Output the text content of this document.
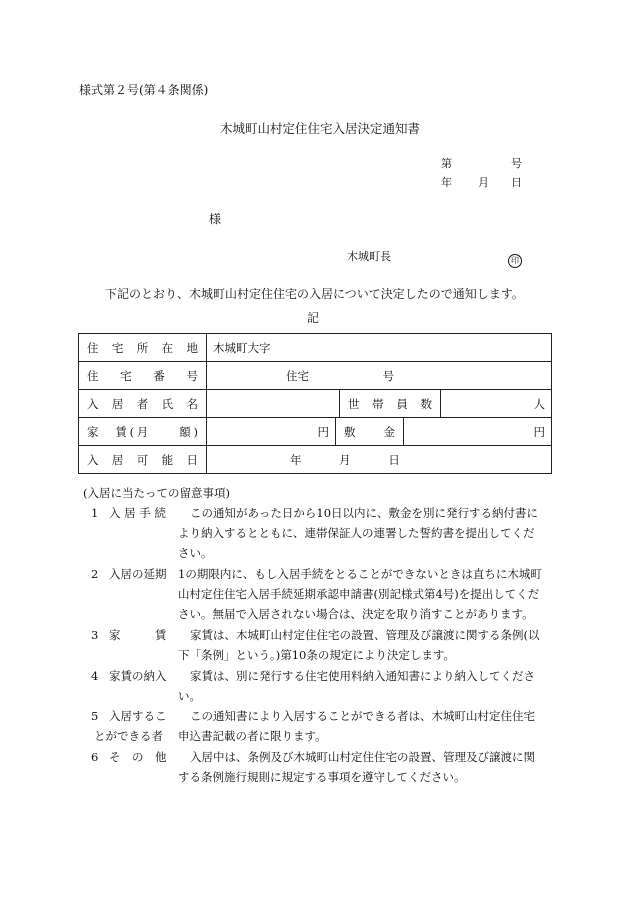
様式第２号(第４条関係)
木城町山村定住住宅入居決定通知書
第	号
年 月 日
様
木城町長	印
下記のとおり、木城町山村定住住宅の入居について決定したので通知します。
記
住宅所在地	木城町大字				
住宅番号	住宅 号				
入居者氏名			世帯員数		人
家　賃(月　　額)	円	敷金		円	
入居可能日	年 月 日				
(入居に当たっての留意事項)
1 入 居 手 続 この通知があった日から10日以内に、敷金を別に発行する納付書に
より納入するとともに、連帯保証人の連署した誓約書を提出してくだ
さい。
2 入居の延期 1の期限内に、もし入居手続をとることができないときは直ちに木城町
山村定住住宅入居手続延期承認申請書(別記様式第4号)を提出してくだ
さい。無届で入居されない場合は、決定を取り消すことがあります。
3 家　　　賃 家賃は、木城町山村定住住宅の設置、管理及び譲渡に関する条例(以
下「条例」という。)第10条の規定により決定します。
4 家賃の納入 家賃は、別に発行する住宅使用料納入通知書により納入してくださ
い。
5 入居するこ
とができる者
この通知書により入居することができる者は、木城町山村定住住宅
申込書記載の者に限ります。
6 そ　の　他 入居中は、条例及び木城町山村定住住宅の設置、管理及び譲渡に関
する条例施行規則に規定する事項を遵守してください。
